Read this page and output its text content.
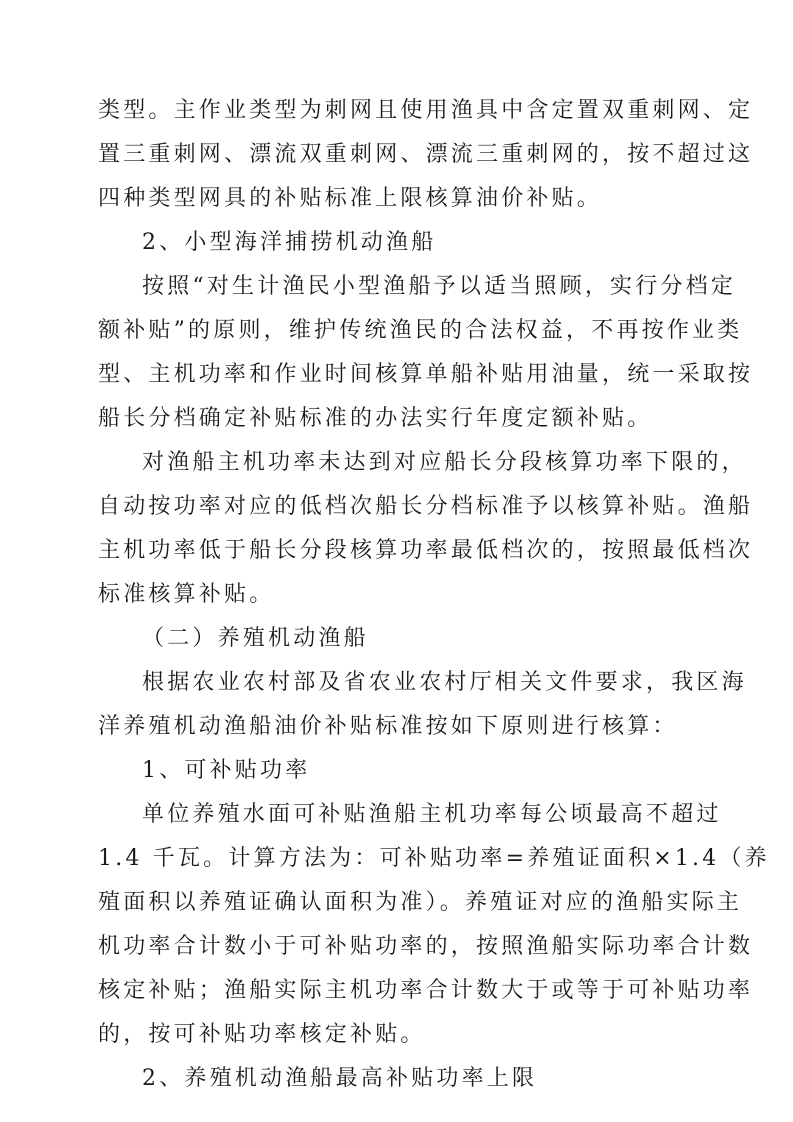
类型。主作业类型为刺网且使用渔具中含定置双重刺网、定
置三重刺网、漂流双重刺网、漂流三重刺网的，按不超过这
四种类型网具的补贴标准上限核算油价补贴。
2、小型海洋捕捞机动渔船
按照“对生计渔民小型渔船予以适当照顾，实行分档定
额补贴”的原则，维护传统渔民的合法权益，不再按作业类
型、主机功率和作业时间核算单船补贴用油量，统一采取按
船长分档确定补贴标准的办法实行年度定额补贴。
对渔船主机功率未达到对应船长分段核算功率下限的，
自动按功率对应的低档次船长分档标准予以核算补贴。渔船
主机功率低于船长分段核算功率最低档次的，按照最低档次
标准核算补贴。
（二）养殖机动渔船
根据农业农村部及省农业农村厅相关文件要求，我区海
洋养殖机动渔船油价补贴标准按如下原则进行核算：
1、可补贴功率
单位养殖水面可补贴渔船主机功率每公顷最高不超过
1.4 千瓦。计算方法为：可补贴功率=养殖证面积×1.4（养
殖面积以养殖证确认面积为准）。养殖证对应的渔船实际主
机功率合计数小于可补贴功率的，按照渔船实际功率合计数
核定补贴；渔船实际主机功率合计数大于或等于可补贴功率
的，按可补贴功率核定补贴。
2、养殖机动渔船最高补贴功率上限
